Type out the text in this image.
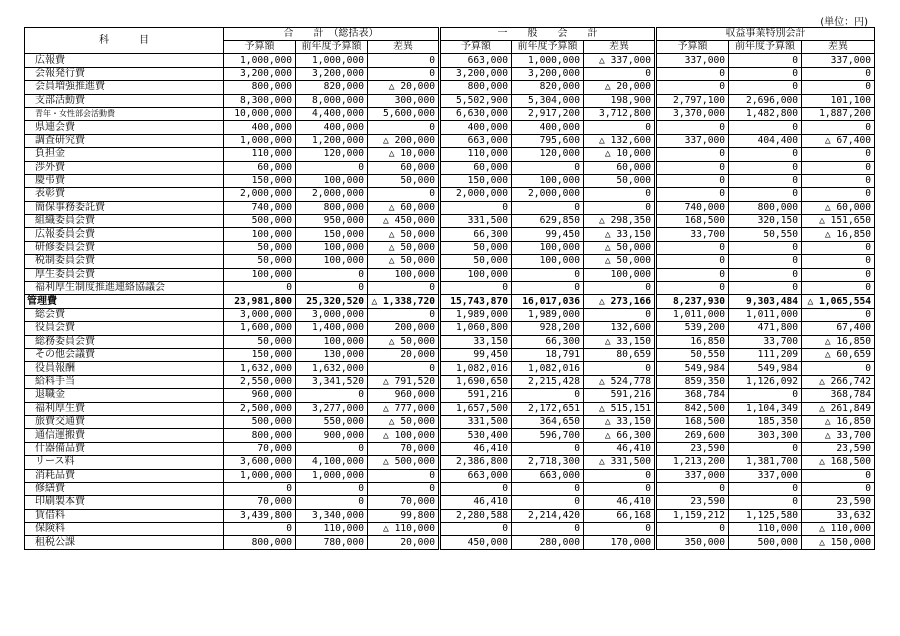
(単位：円)
科　　　目	合　　計　（総括表）			一　　般　　会　　計			収益事業特別会計		
	予算額	前年度予算額	差異	予算額	前年度予算額	差異	予算額	前年度予算額	差異
広報費	1,000,000	1,000,000	0	663,000	1,000,000	△ 337,000	337,000	0	337,000
会報発行費	3,200,000	3,200,000	0	3,200,000	3,200,000	0	0	0	0
会員増強推進費	800,000	820,000	△ 20,000	800,000	820,000	△ 20,000	0	0	0
支部活動費	8,300,000	8,000,000	300,000	5,502,900	5,304,000	198,900	2,797,100	2,696,000	101,100
青年・女性部会活動費	10,000,000	4,400,000	5,600,000	6,630,000	2,917,200	3,712,800	3,370,000	1,482,800	1,887,200
県連会費	400,000	400,000	0	400,000	400,000	0	0	0	0
調査研究費	1,000,000	1,200,000	△ 200,000	663,000	795,600	△ 132,600	337,000	404,400	△ 67,400
負担金	110,000	120,000	△ 10,000	110,000	120,000	△ 10,000	0	0	0
渉外費	60,000	0	60,000	60,000	0	60,000	0	0	0
慶弔費	150,000	100,000	50,000	150,000	100,000	50,000	0	0	0
表彰費	2,000,000	2,000,000	0	2,000,000	2,000,000	0	0	0	0
簡保事務委託費	740,000	800,000	△ 60,000	0	0	0	740,000	800,000	△ 60,000
組織委員会費	500,000	950,000	△ 450,000	331,500	629,850	△ 298,350	168,500	320,150	△ 151,650
広報委員会費	100,000	150,000	△ 50,000	66,300	99,450	△ 33,150	33,700	50,550	△ 16,850
研修委員会費	50,000	100,000	△ 50,000	50,000	100,000	△ 50,000	0	0	0
税制委員会費	50,000	100,000	△ 50,000	50,000	100,000	△ 50,000	0	0	0
厚生委員会費	100,000	0	100,000	100,000	0	100,000	0	0	0
福利厚生制度推進連絡協議会	0	0	0	0	0	0	0	0	0
管理費	23,981,800	25,320,520	△ 1,338,720	15,743,870	16,017,036	△ 273,166	8,237,930	9,303,484	△ 1,065,554
総会費	3,000,000	3,000,000	0	1,989,000	1,989,000	0	1,011,000	1,011,000	0
役員会費	1,600,000	1,400,000	200,000	1,060,800	928,200	132,600	539,200	471,800	67,400
総務委員会費	50,000	100,000	△ 50,000	33,150	66,300	△ 33,150	16,850	33,700	△ 16,850
その他会議費	150,000	130,000	20,000	99,450	18,791	80,659	50,550	111,209	△ 60,659
役員報酬	1,632,000	1,632,000	0	1,082,016	1,082,016	0	549,984	549,984	0
給料手当	2,550,000	3,341,520	△ 791,520	1,690,650	2,215,428	△ 524,778	859,350	1,126,092	△ 266,742
退職金	960,000	0	960,000	591,216	0	591,216	368,784	0	368,784
福利厚生費	2,500,000	3,277,000	△ 777,000	1,657,500	2,172,651	△ 515,151	842,500	1,104,349	△ 261,849
旅費交通費	500,000	550,000	△ 50,000	331,500	364,650	△ 33,150	168,500	185,350	△ 16,850
通信運搬費	800,000	900,000	△ 100,000	530,400	596,700	△ 66,300	269,600	303,300	△ 33,700
什器備品費	70,000	0	70,000	46,410	0	46,410	23,590	0	23,590
リース料	3,600,000	4,100,000	△ 500,000	2,386,800	2,718,300	△ 331,500	1,213,200	1,381,700	△ 168,500
消耗品費	1,000,000	1,000,000	0	663,000	663,000	0	337,000	337,000	0
修繕費	0	0	0	0	0	0	0	0	0
印刷製本費	70,000	0	70,000	46,410	0	46,410	23,590	0	23,590
賃借料	3,439,800	3,340,000	99,800	2,280,588	2,214,420	66,168	1,159,212	1,125,580	33,632
保険料	0	110,000	△ 110,000	0	0	0	0	110,000	△ 110,000
租税公課	800,000	780,000	20,000	450,000	280,000	170,000	350,000	500,000	△ 150,000
